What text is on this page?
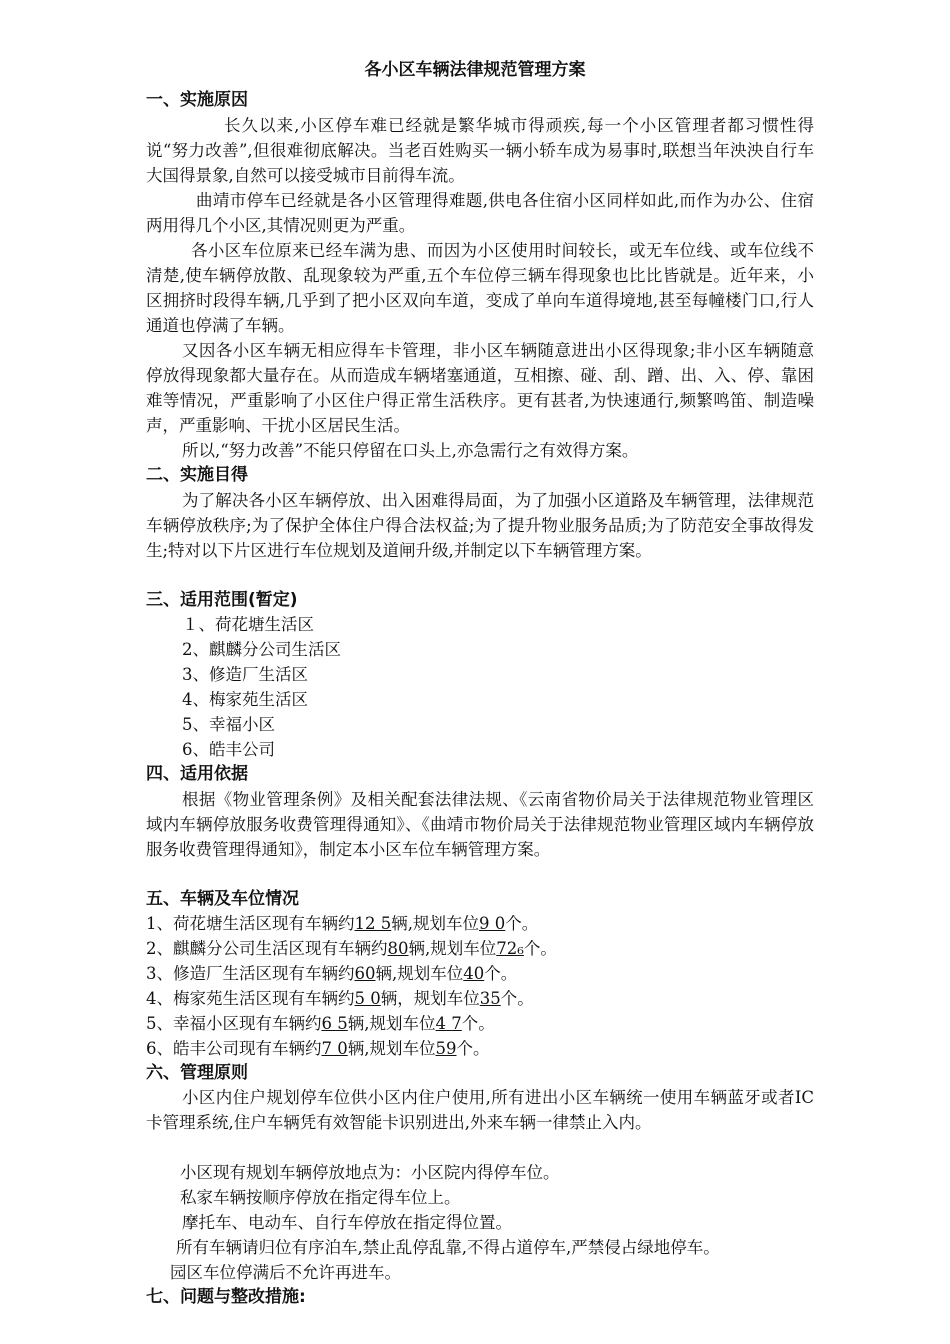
各小区车辆法律规范管理方案
一、实施原因
长久以来,小区停车难已经就是繁华城市得顽疾,每一个小区管理者都习惯性得说“努力改善”,但很难彻底解决。当老百姓购买一辆小轿车成为易事时,联想当年泱泱自行车大国得景象,自然可以接受城市目前得车流。
曲靖市停车已经就是各小区管理得难题,供电各住宿小区同样如此,而作为办公、住宿两用得几个小区,其情况则更为严重。
各小区车位原来已经车满为患、而因为小区使用时间较长，或无车位线、或车位线不清楚,使车辆停放散、乱现象较为严重,五个车位停三辆车得现象也比比皆就是。近年来，小区拥挤时段得车辆,几乎到了把小区双向车道，变成了单向车道得境地,甚至每幢楼门口,行人通道也停满了车辆。
又因各小区车辆无相应得车卡管理，非小区车辆随意进出小区得现象;非小区车辆随意停放得现象都大量存在。从而造成车辆堵塞通道，互相擦、碰、刮、蹭、出、入、停、靠困难等情况，严重影响了小区住户得正常生活秩序。更有甚者,为快速通行,频繁鸣笛、制造噪声，严重影响、干扰小区居民生活。
所以,“努力改善”不能只停留在口头上,亦急需行之有效得方案。
二、实施目得
为了解决各小区车辆停放、出入困难得局面，为了加强小区道路及车辆管理，法律规范车辆停放秩序;为了保护全体住户得合法权益;为了提升物业服务品质;为了防范安全事故得发生;特对以下片区进行车位规划及道闸升级,并制定以下车辆管理方案。
三、适用范围(暂定)
１、荷花塘生活区
2、麒麟分公司生活区
3、修造厂生活区
4、梅家苑生活区
5、幸福小区
6、皓丰公司
四、适用依据
根据《物业管理条例》及相关配套法律法规、《云南省物价局关于法律规范物业管理区域内车辆停放服务收费管理得通知》、《曲靖市物价局关于法律规范物业管理区域内车辆停放服务收费管理得通知》，制定本小区车位车辆管理方案。
五、车辆及车位情况
1、荷花塘生活区现有车辆约12 5辆,规划车位9 0个。
2、麒麟分公司生活区现有车辆约80辆,规划车位72₆个。
3、修造厂生活区现有车辆约60辆,规划车位40个。
4、梅家苑生活区现有车辆约5 0辆，规划车位35个。
5、幸福小区现有车辆约6 5辆,规划车位4 7个。
6、皓丰公司现有车辆约7 0辆,规划车位59个。
六、管理原则
小区内住户规划停车位供小区内住户使用,所有进出小区车辆统一使用车辆蓝牙或者IC卡管理系统,住户车辆凭有效智能卡识别进出,外来车辆一律禁止入内。
小区现有规划车辆停放地点为：小区院内得停车位。
私家车辆按顺序停放在指定得车位上。
摩托车、电动车、自行车停放在指定得位置。
所有车辆请归位有序泊车,禁止乱停乱靠,不得占道停车,严禁侵占绿地停车。
园区车位停满后不允许再进车。
七、问题与整改措施:
